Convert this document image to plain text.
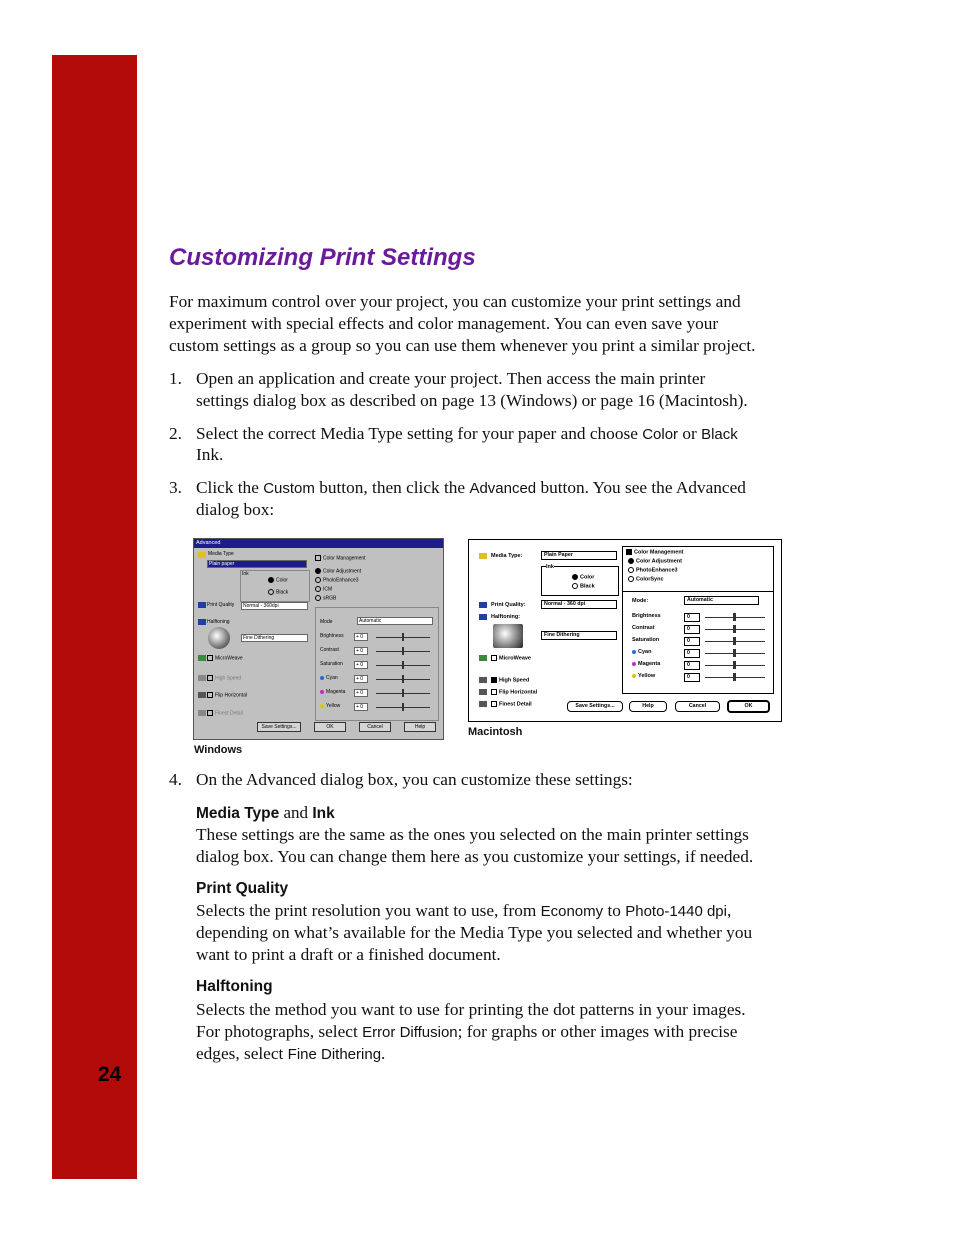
24
Customizing Print Settings

For maximum control over your project, you can customize your print settings and

experiment with special effects and color management. You can even save your

custom settings as a group so you can use them whenever you print a similar project.

1. Open an application and create your project. Then access the main printer

settings dialog box as described on page 13 (Windows) or page 16 (Macintosh).

2. Select the correct Media Type setting for your paper and choose Color or Black

Ink.

3. Click the Custom button, then click the Advanced button. You see the Advanced

dialog box:

Advanced
Media Type
Plain paper
Ink
Color
Black
Print Quality	Normal - 360dpi
Halftoning
Fine Dithering
MicroWeave
High Speed
Flip Horizontal
Finest Detail
Color Management
Color Adjustment
PhotoEnhance3
ICM
sRGB
Mode	Automatic
Brightness	+ 0
Contrast	+ 0
Saturation	+ 0
Cyan	+ 0
Magenta	+ 0
Yellow	+ 0
Save Settings...	OK	Cancel	Help
Windows
Media Type:	Plain Paper
Ink
Color
Black
Print Quality:	Normal - 360 dpi
Halftoning:
Fine Dithering
MicroWeave
High Speed
Flip Horizontal
Finest Detail
Color Management
Color Adjustment
PhotoEnhance3
ColorSync
Mode:	Automatic
Brightness	0
Contrast	0
Saturation	0
Cyan	0
Magenta	0
Yellow	0
Save Settings...	Help	Cancel	OK
Macintosh
4. On the Advanced dialog box, you can customize these settings:

Media Type and Ink

These settings are the same as the ones you selected on the main printer settings

dialog box. You can change them here as you customize your settings, if needed.

Print Quality

Selects the print resolution you want to use, from Economy to Photo-1440 dpi,

depending on what’s available for the Media Type you selected and whether you

want to print a draft or a finished document.

Halftoning

Selects the method you want to use for printing the dot patterns in your images.

For photographs, select Error Diffusion; for graphs or other images with precise

edges, select Fine Dithering.
